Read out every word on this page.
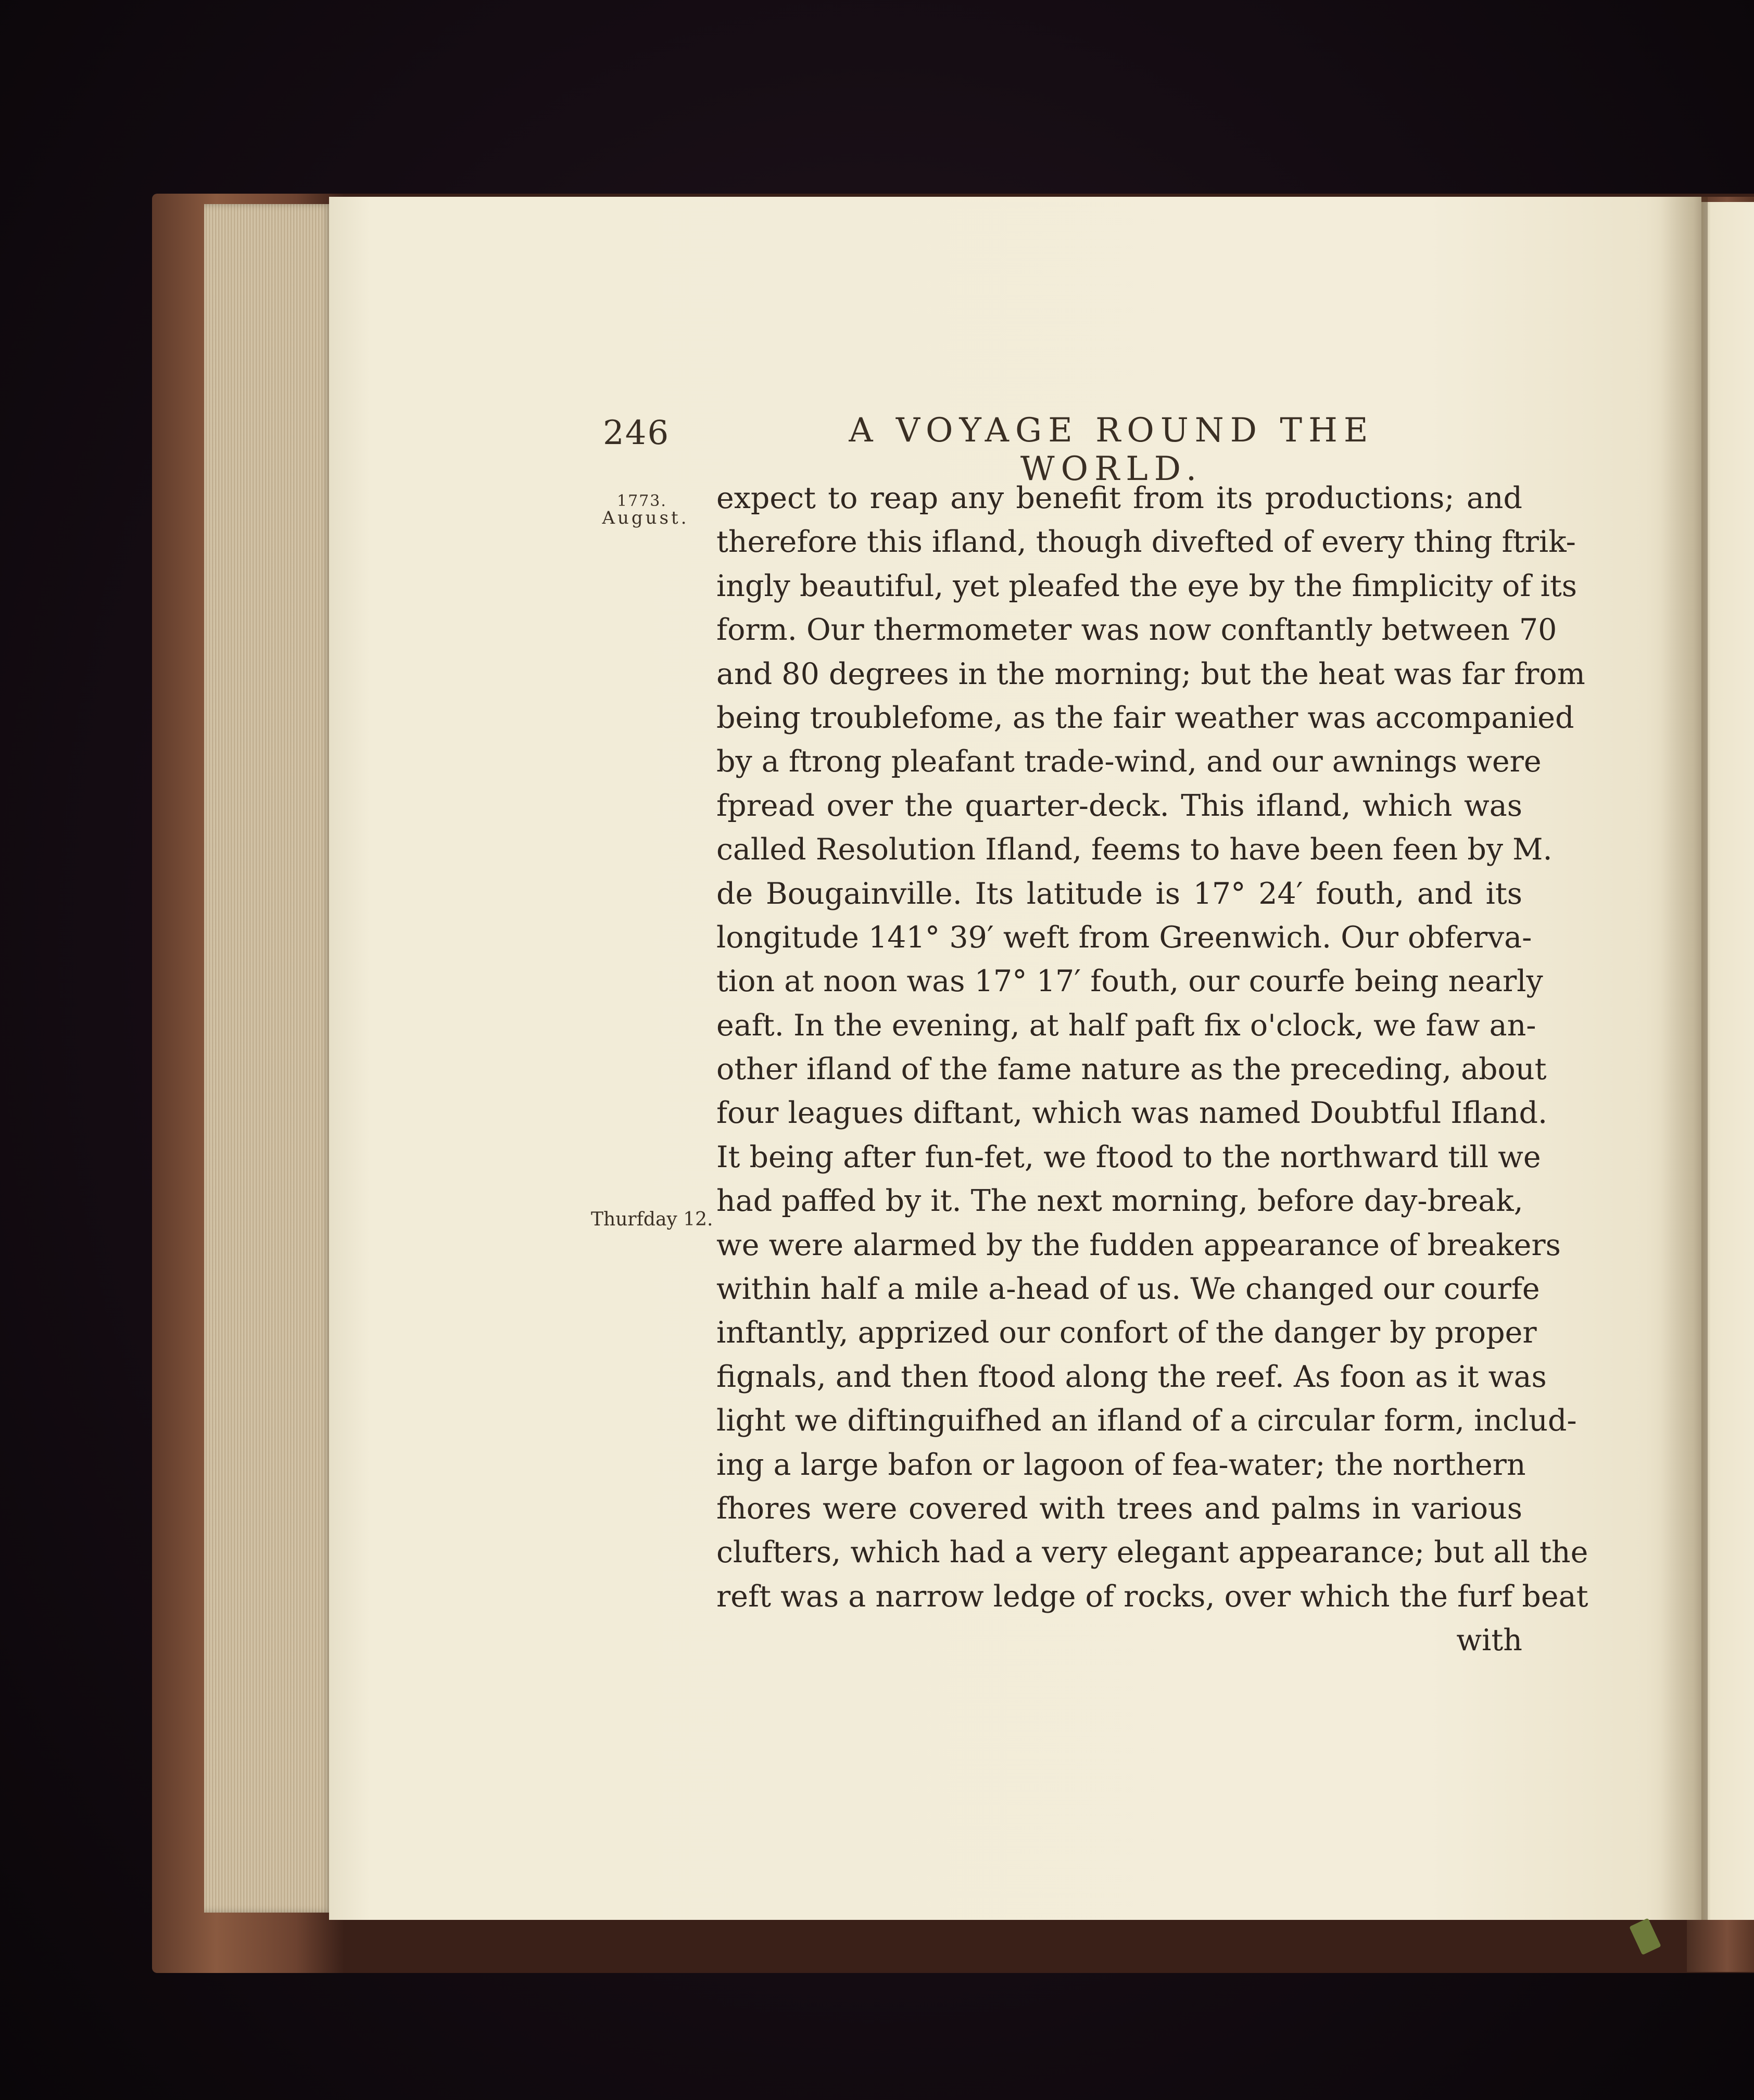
246	A VOYAGE ROUND THE WORLD.
1773.
August.
Thurfday 12.
expect to reap any benefit from its productions; and
therefore this ifland, though divefted of every thing ftrik-
ingly beautiful, yet pleafed the eye by the fimplicity of its
form. Our thermometer was now conftantly between 70
and 80 degrees in the morning; but the heat was far from
being troublefome, as the fair weather was accompanied
by a ftrong pleafant trade-wind, and our awnings were
fpread over the quarter-deck. This ifland, which was
called Resolution Ifland, feems to have been feen by M.
de Bougainville. Its latitude is 17° 24′ fouth, and its
longitude 141° 39′ weft from Greenwich. Our obferva-
tion at noon was 17° 17′ fouth, our courfe being nearly
eaft. In the evening, at half paft fix o'clock, we faw an-
other ifland of the fame nature as the preceding, about
four leagues diftant, which was named Doubtful Ifland.
It being after fun-fet, we ftood to the northward till we
had paffed by it. The next morning, before day-break,
we were alarmed by the fudden appearance of breakers
within half a mile a-head of us. We changed our courfe
inftantly, apprized our confort of the danger by proper
fignals, and then ftood along the reef. As foon as it was
light we diftinguifhed an ifland of a circular form, includ-
ing a large bafon or lagoon of fea-water; the northern
fhores were covered with trees and palms in various
clufters, which had a very elegant appearance; but all the
reft was a narrow ledge of rocks, over which the furf beat
with
